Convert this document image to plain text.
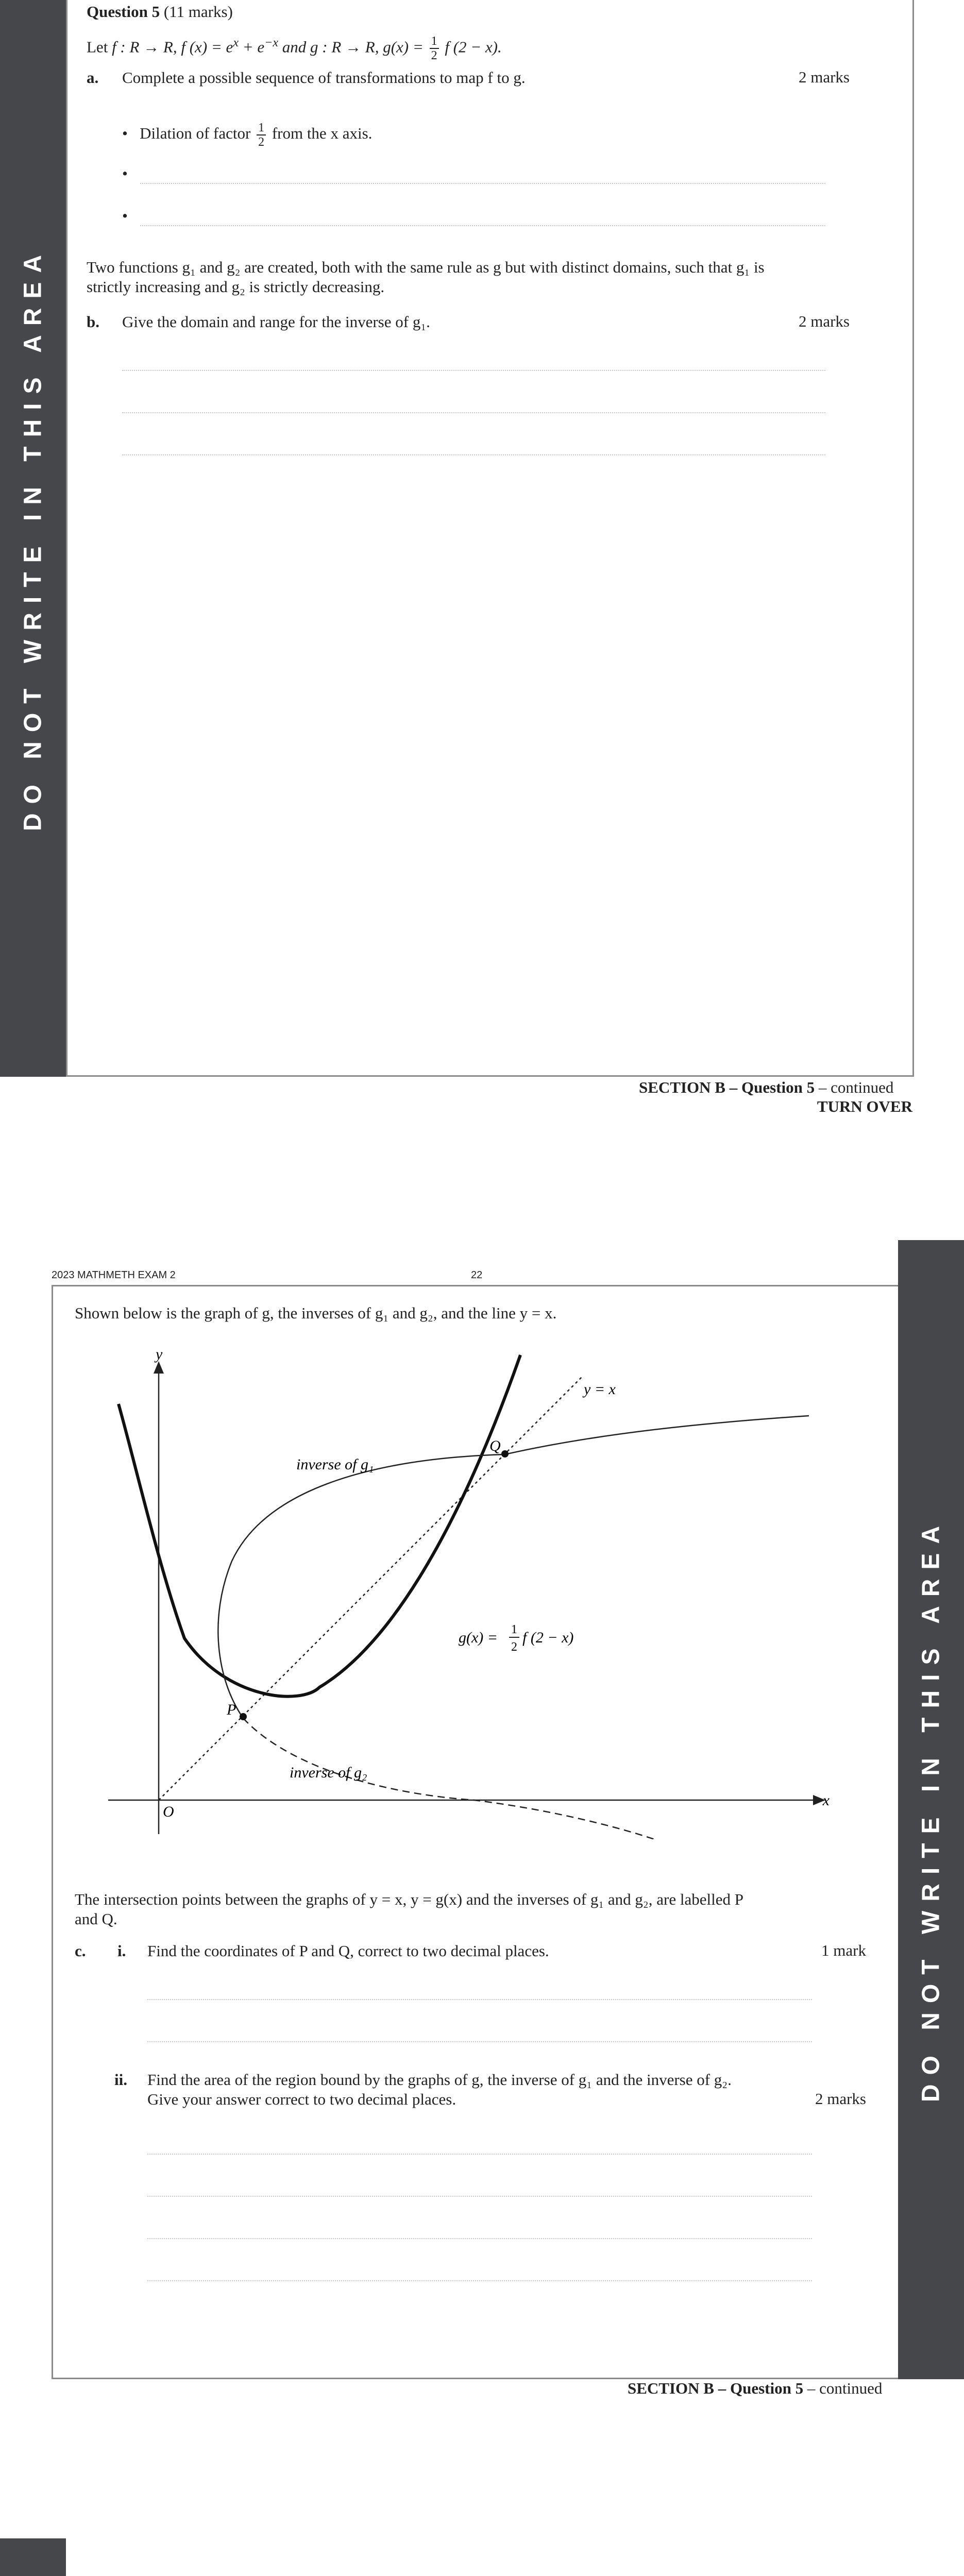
DO NOT WRITE IN THIS AREA
Question 5 (11 marks)
Let f : R → R, f $(x) = e^x + e^{-x}$ and g : R → R, $g(x) = \frac{1}{2}$ f (2 − x).
a. Complete a possible sequence of transformations to map f to g.	2 marks
• Dilation of factor $\frac{1}{2}$ from the x axis.
•
•
Two functions g₁ and g₂ are created, both with the same rule as g but with distinct domains, such that g₁ is
strictly increasing and g₂ is strictly decreasing.
b. Give the domain and range for the inverse of g₁.	2 marks
SECTION B – Question 5 – continued
TURN OVER
2023 MATHMETH EXAM 2	22
DO NOT WRITE IN THIS AREA
Shown below is the graph of g, the inverses of g₁ and g₂, and the line y = x.
y
x
O
y = x
g(x) = 1
2
f (2 − x)
inverse of g₁
inverse of g₂
P
Q
The intersection points between the graphs of y = x, y = g(x) and the inverses of g₁ and g₂, are labelled P
and Q.
c. i. Find the coordinates of P and Q, correct to two decimal places.	1 mark
ii. Find the area of the region bound by the graphs of g, the inverse of g₁ and the inverse of g₂.
Give your answer correct to two decimal places.	2 marks
SECTION B – Question 5 – continued
